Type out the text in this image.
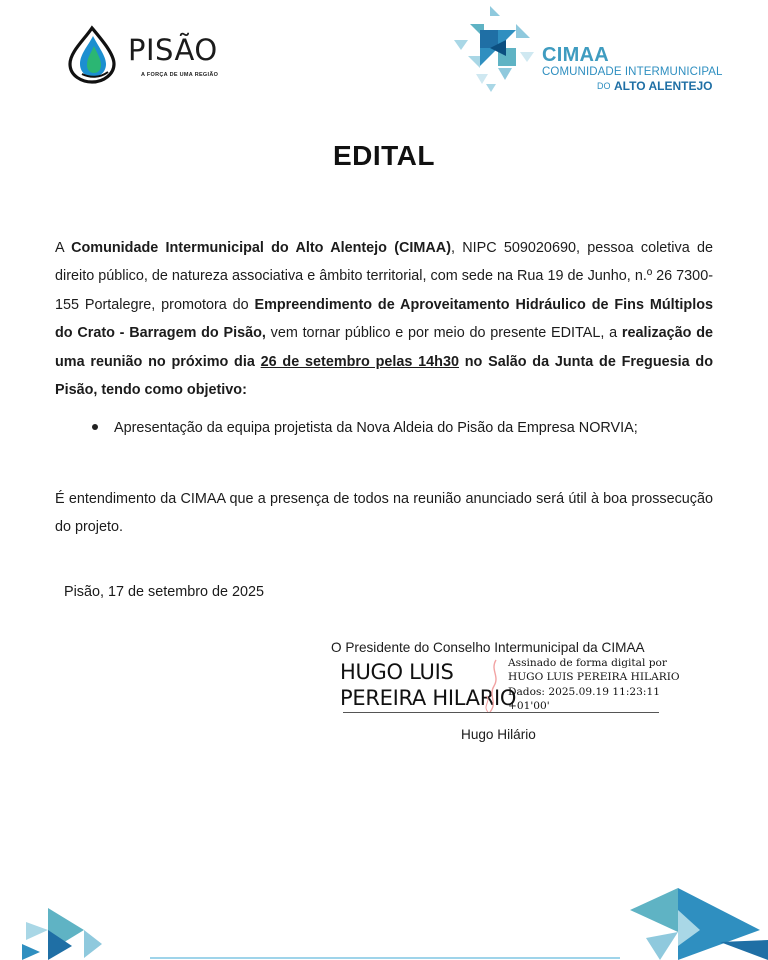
PISÃO
A FORÇA DE UMA REGIÃO
CIMAA
COMUNIDADE INTERMUNICIPAL
DO ALTO ALENTEJO
EDITAL
A Comunidade Intermunicipal do Alto Alentejo (CIMAA), NIPC 509020690, pessoa coletiva de direito público, de natureza associativa e âmbito territorial, com sede na Rua 19 de Junho, n.º 26 7300-155 Portalegre, promotora do Empreendimento de Aproveitamento Hidráulico de Fins Múltiplos do Crato - Barragem do Pisão, vem tornar público e por meio do presente EDITAL, a realização de uma reunião no próximo dia 26 de setembro pelas 14h30 no Salão da Junta de Freguesia do Pisão, tendo como objetivo:
Apresentação da equipa projetista da Nova Aldeia do Pisão da Empresa NORVIA;
É entendimento da CIMAA que a presença de todos na reunião anunciado será útil à boa prossecução do projeto.
Pisão, 17 de setembro de 2025
O Presidente do Conselho Intermunicipal da CIMAA
HUGO LUIS
PEREIRA HILARIO
Assinado de forma digital por
HUGO LUIS PEREIRA HILARIO
Dados: 2025.09.19 11:23:11
+01'00'
Hugo Hilário
